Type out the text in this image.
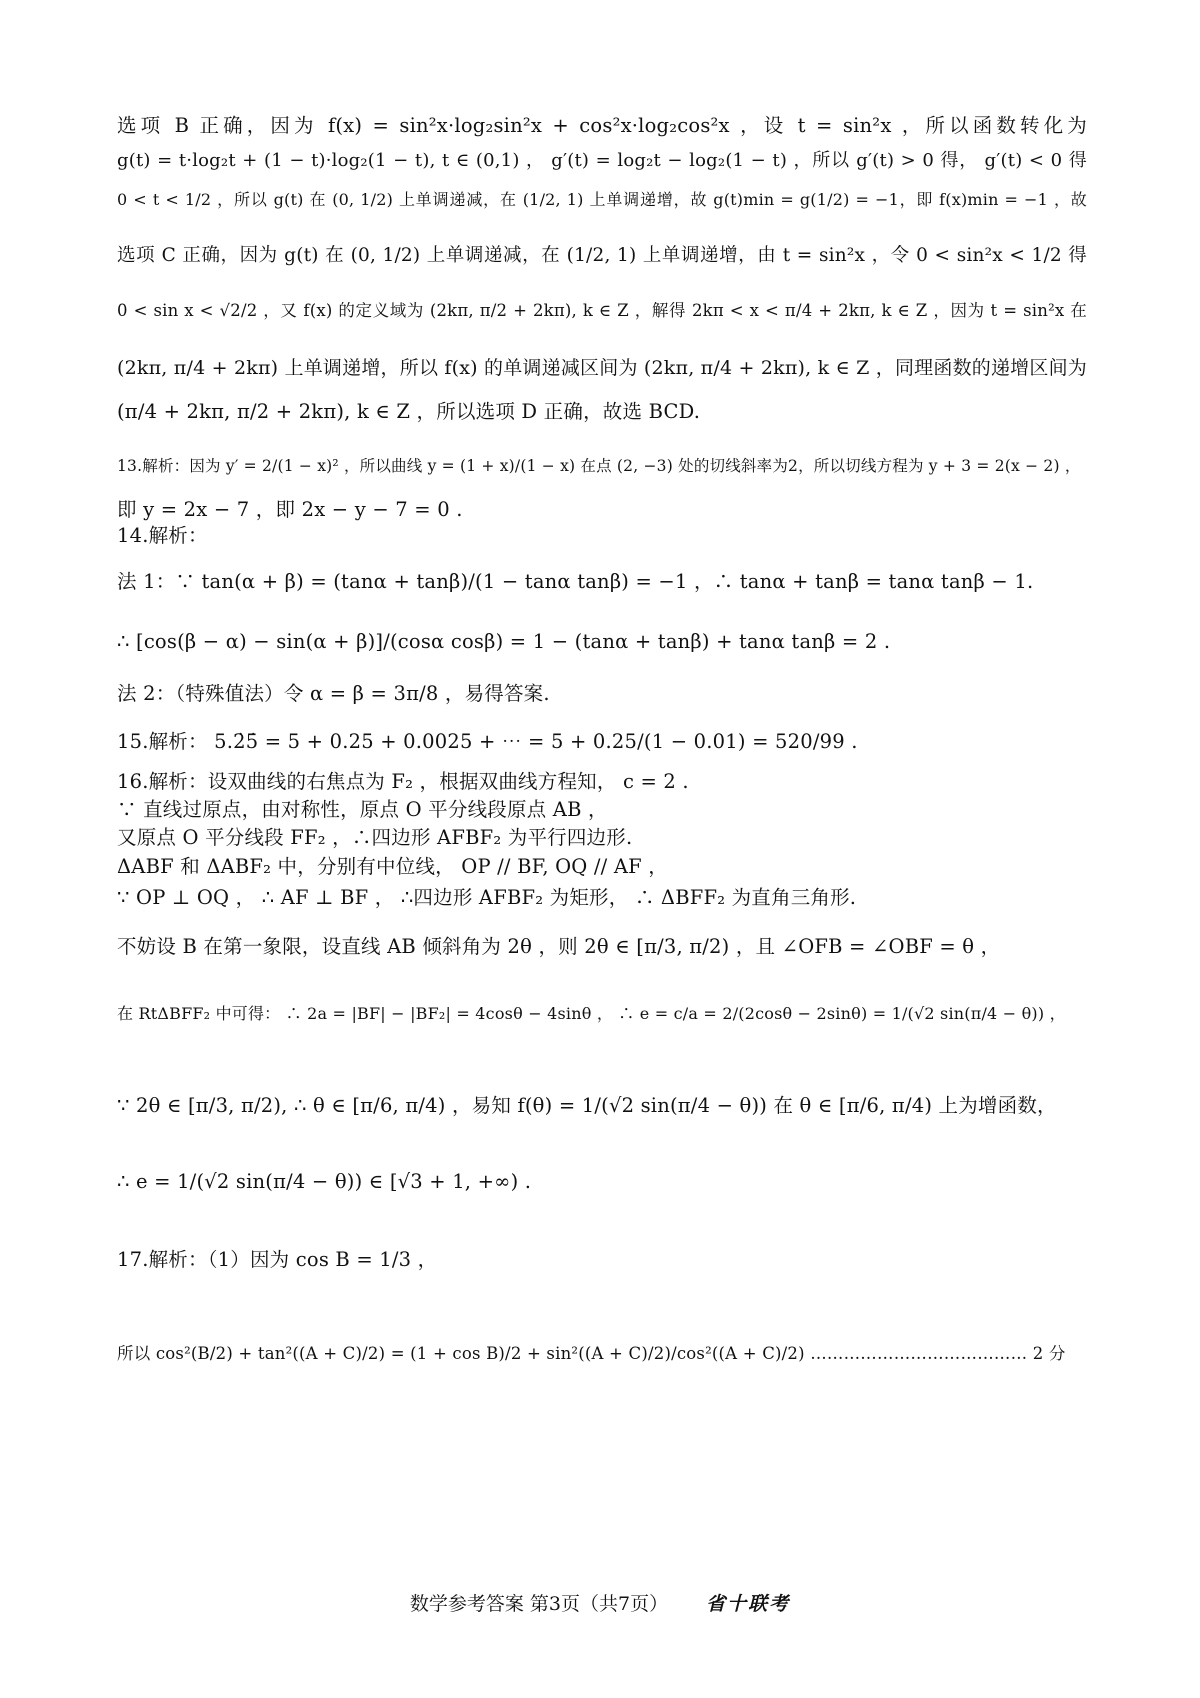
选项 B 正确，因为 f(x) = sin²x·log₂sin²x + cos²x·log₂cos²x ，设 t = sin²x ，所以函数转化为
g(t) = t·log₂t + (1 − t)·log₂(1 − t), t ∈ (0,1) ， g′(t) = log₂t − log₂(1 − t) ，所以 g′(t) > 0 得， g′(t) < 0 得
0 < t < 1/2 ，所以 g(t) 在 (0, 1/2) 上单调递减，在 (1/2, 1) 上单调递增，故 g(t)min = g(1/2) = −1，即 f(x)min = −1 ，故
选项 C 正确，因为 g(t) 在 (0, 1/2) 上单调递减，在 (1/2, 1) 上单调递增，由 t = sin²x ，令 0 < sin²x < 1/2 得
0 < sin x < √2/2 ，又 f(x) 的定义域为 (2kπ, π/2 + 2kπ), k ∈ Z ，解得 2kπ < x < π/4 + 2kπ, k ∈ Z ，因为 t = sin²x 在
(2kπ, π/4 + 2kπ) 上单调递增，所以 f(x) 的单调递减区间为 (2kπ, π/4 + 2kπ), k ∈ Z ，同理函数的递增区间为
(π/4 + 2kπ, π/2 + 2kπ), k ∈ Z ，所以选项 D 正确，故选 BCD.
13.解析：因为 y′ = 2/(1 − x)² ，所以曲线 y = (1 + x)/(1 − x) 在点 (2, −3) 处的切线斜率为2，所以切线方程为 y + 3 = 2(x − 2) ，
即 y = 2x − 7 ，即 2x − y − 7 = 0 .
14.解析：
法 1：∵ tan(α + β) = (tanα + tanβ)/(1 − tanα tanβ) = −1 ，∴ tanα + tanβ = tanα tanβ − 1.
∴ [cos(β − α) − sin(α + β)]/(cosα cosβ) = 1 − (tanα + tanβ) + tanα tanβ = 2 .
法 2：（特殊值法）令 α = β = 3π/8 ，易得答案.
15.解析： 5.2̇5̇ = 5 + 0.25 + 0.0025 + ⋯ = 5 + 0.25/(1 − 0.01) = 520/99 .
16.解析：设双曲线的右焦点为 F₂ ，根据双曲线方程知， c = 2 .
∵ 直线过原点，由对称性，原点 O 平分线段原点 AB ，
又原点 O 平分线段 FF₂ ，∴四边形 AFBF₂ 为平行四边形.
ΔABF 和 ΔABF₂ 中，分别有中位线， OP // BF, OQ // AF ，
∵ OP ⊥ OQ ， ∴ AF ⊥ BF ， ∴四边形 AFBF₂ 为矩形， ∴ ΔBFF₂ 为直角三角形.
不妨设 B 在第一象限，设直线 AB 倾斜角为 2θ ，则 2θ ∈ [π/3, π/2) ，且 ∠OFB = ∠OBF = θ ，
在 RtΔBFF₂ 中可得： ∴ 2a = |BF| − |BF₂| = 4cosθ − 4sinθ ， ∴ e = c/a = 2/(2cosθ − 2sinθ) = 1/(√2 sin(π/4 − θ)) ，
∵ 2θ ∈ [π/3, π/2), ∴ θ ∈ [π/6, π/4) ，易知 f(θ) = 1/(√2 sin(π/4 − θ)) 在 θ ∈ [π/6, π/4) 上为增函数，
∴ e = 1/(√2 sin(π/4 − θ)) ∈ [√3 + 1, +∞) .
17.解析：（1）因为 cos B = 1/3 ，
所以 cos²(B/2) + tan²((A + C)/2) = (1 + cos B)/2 + sin²((A + C)/2)/cos²((A + C)/2) ………………………………… 2 分
数学参考答案 第3页（共7页） 省十联考
